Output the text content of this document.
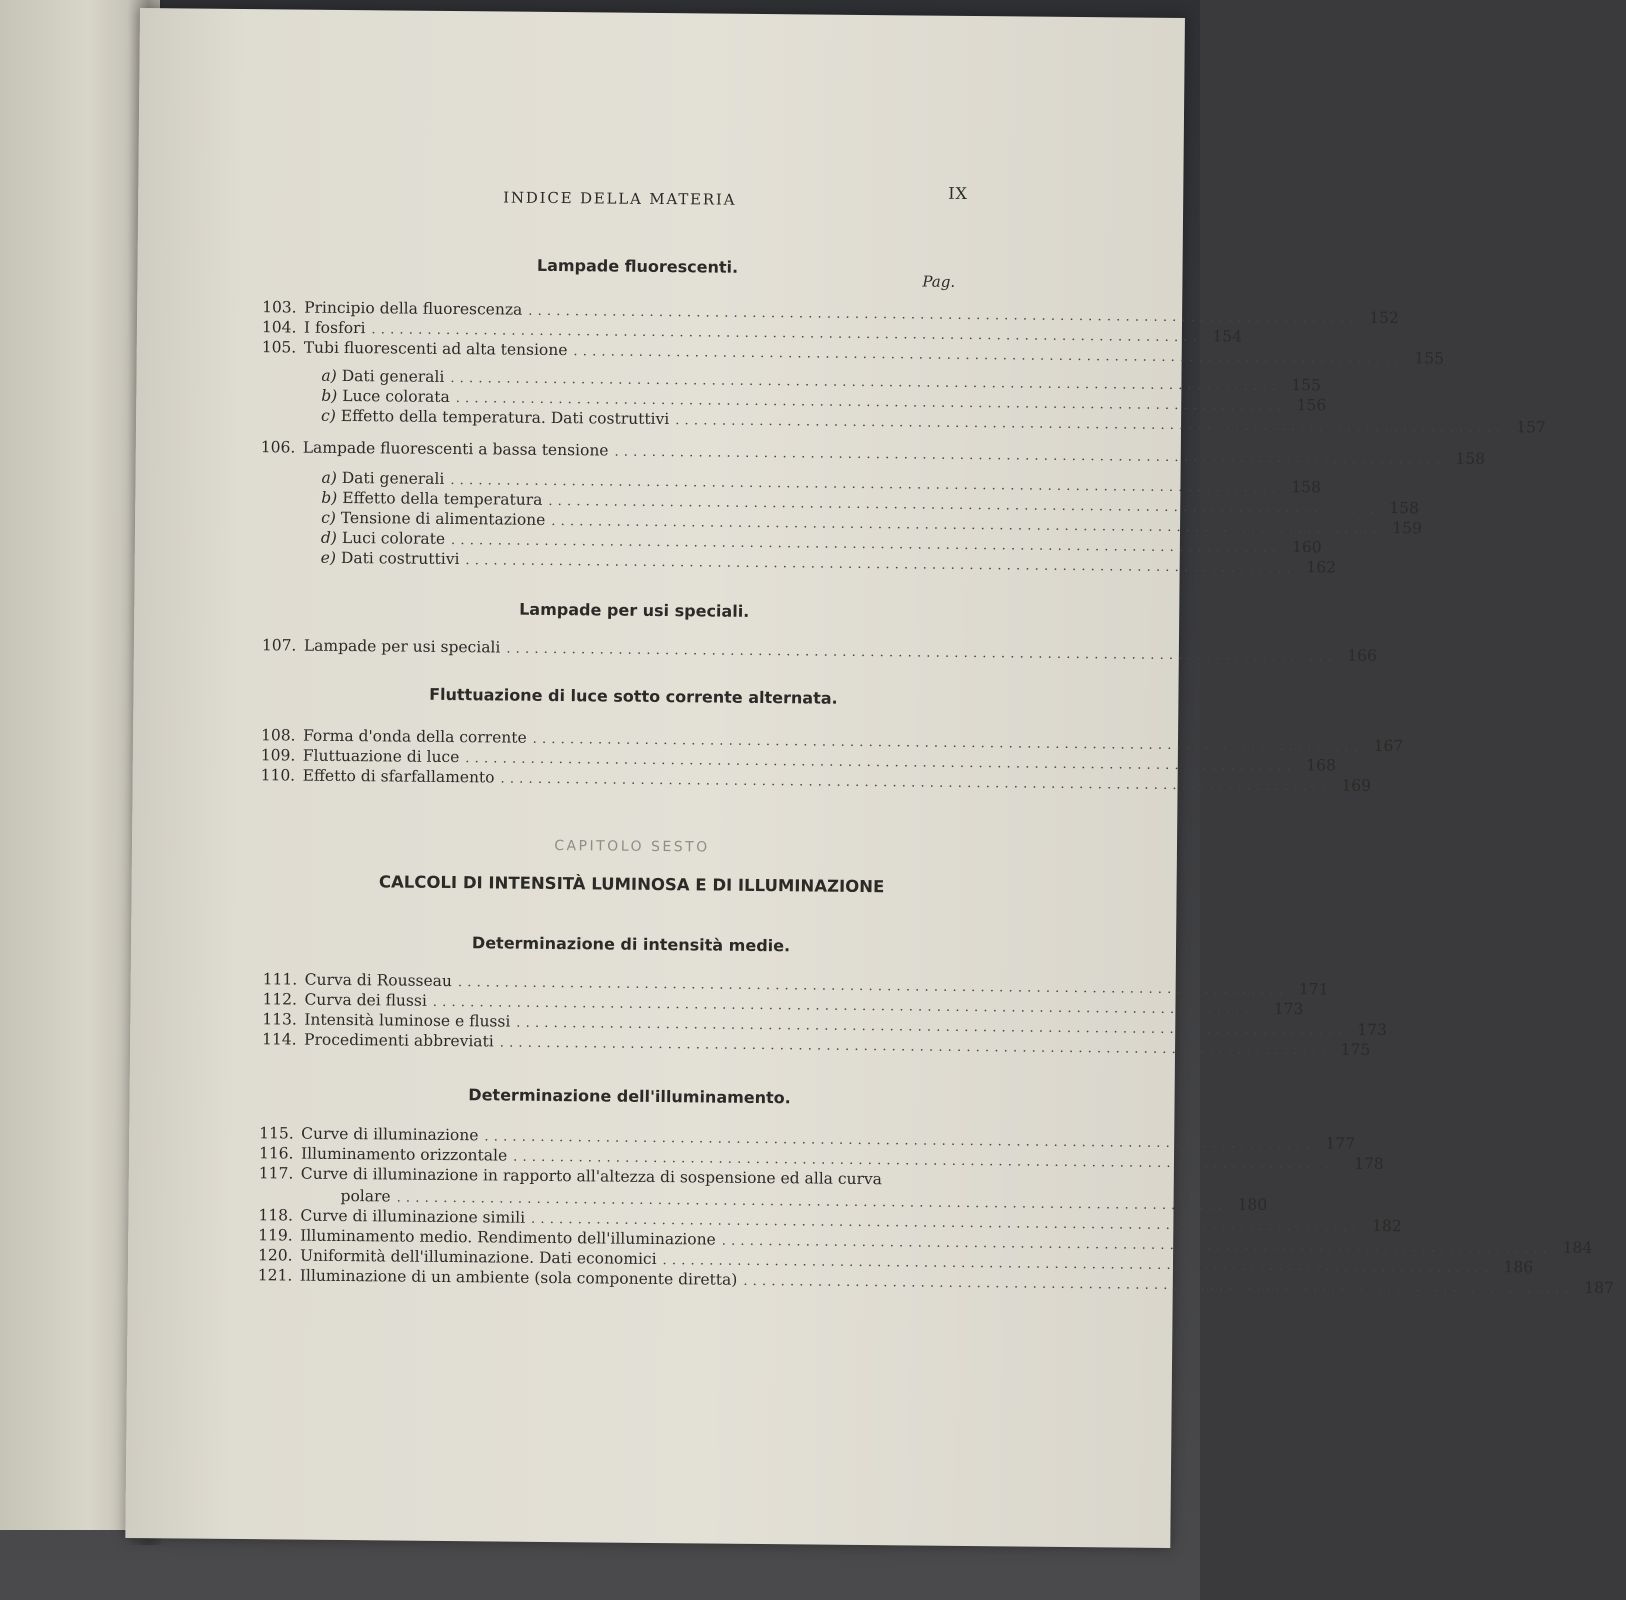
INDICE DELLA MATERIA	IX
Lampade fluorescenti.
Pag.
103. Principio della fluorescenza ......................................................................................... 152
104. I fosfori ......................................................................................... 154
105. Tubi fluorescenti ad alta tensione ......................................................................................... 155
a) Dati generali ......................................................................................... 155
b) Luce colorata ......................................................................................... 156
c) Effetto della temperatura. Dati costruttivi ......................................................................................... 157
106. Lampade fluorescenti a bassa tensione ......................................................................................... 158
a) Dati generali ......................................................................................... 158
b) Effetto della temperatura ......................................................................................... 158
c) Tensione di alimentazione ......................................................................................... 159
d) Luci colorate ......................................................................................... 160
e) Dati costruttivi ......................................................................................... 162
Lampade per usi speciali.
107. Lampade per usi speciali ......................................................................................... 166
Fluttuazione di luce sotto corrente alternata.
108. Forma d'onda della corrente ......................................................................................... 167
109. Fluttuazione di luce ......................................................................................... 168
110. Effetto di sfarfallamento ......................................................................................... 169
CAPITOLO SESTO
CALCOLI DI INTENSITÀ LUMINOSA E DI ILLUMINAZIONE
Determinazione di intensità medie.
111. Curva di Rousseau ......................................................................................... 171
112. Curva dei flussi ......................................................................................... 173
113. Intensità luminose e flussi ......................................................................................... 173
114. Procedimenti abbreviati ......................................................................................... 175
Determinazione dell'illuminamento.
115. Curve di illuminazione ......................................................................................... 177
116. Illuminamento orizzontale ......................................................................................... 178
117. Curve di illuminazione in rapporto all'altezza di sospensione ed alla curva
polare ......................................................................................... 180
118. Curve di illuminazione simili ......................................................................................... 182
119. Illuminamento medio. Rendimento dell'illuminazione ......................................................................................... 184
120. Uniformità dell'illuminazione. Dati economici ......................................................................................... 186
121. Illuminazione di un ambiente (sola componente diretta) ......................................................................................... 187
